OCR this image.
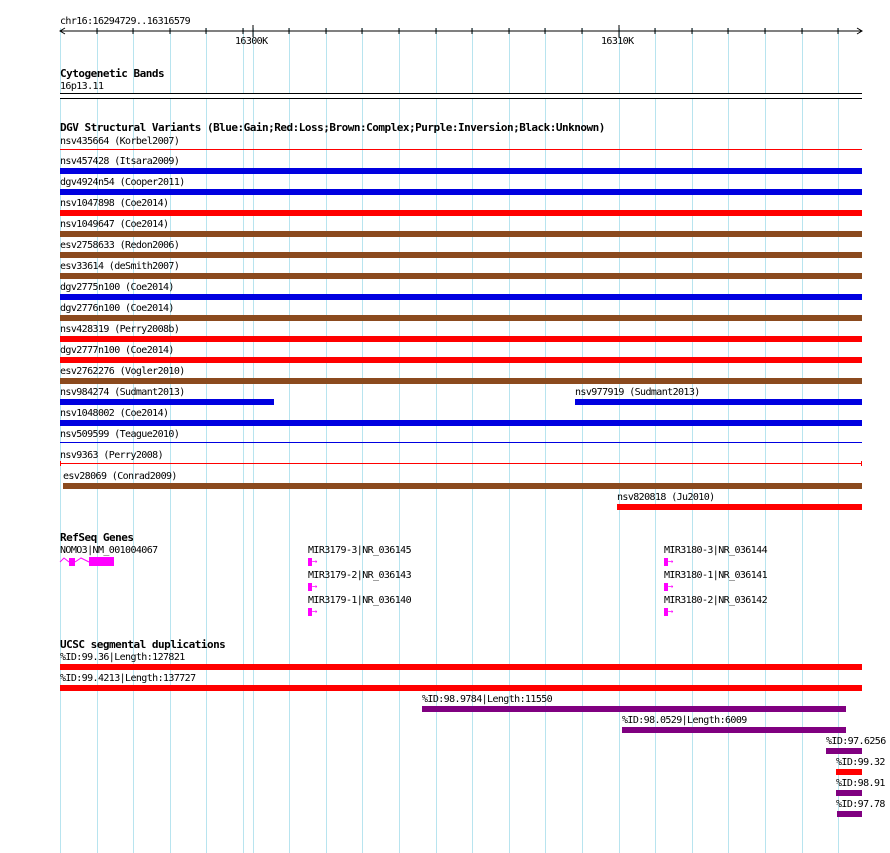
chr16:16294729..16316579
16300K	16310K
Cytogenetic Bands
16p13.11
DGV Structural Variants (Blue:Gain;Red:Loss;Brown:Complex;Purple:Inversion;Black:Unknown)
nsv435664 (Korbel2007)
nsv457428 (Itsara2009)
dgv4924n54 (Cooper2011)
nsv1047898 (Coe2014)
nsv1049647 (Coe2014)
esv2758633 (Redon2006)
esv33614 (deSmith2007)
dgv2775n100 (Coe2014)
dgv2776n100 (Coe2014)
nsv428319 (Perry2008b)
dgv2777n100 (Coe2014)
esv2762276 (Vogler2010)
nsv984274 (Sudmant2013)	nsv977919 (Sudmant2013)
nsv1048002 (Coe2014)
nsv509599 (Teague2010)
nsv9363 (Perry2008)
esv28069 (Conrad2009)
nsv820818 (Ju2010)
RefSeq Genes
NOMO3|NM_001004067	MIR3179-3|NR_036145
→
MIR3179-2|NR_036143
→
MIR3179-1|NR_036140
→
MIR3180-3|NR_036144
→
MIR3180-1|NR_036141
→
MIR3180-2|NR_036142
→
UCSC segmental duplications
%ID:99.36|Length:127821
%ID:99.4213|Length:137727
%ID:98.9784|Length:11550
%ID:98.0529|Length:6009
%ID:97.6256
%ID:99.32
%ID:98.91
%ID:97.78
